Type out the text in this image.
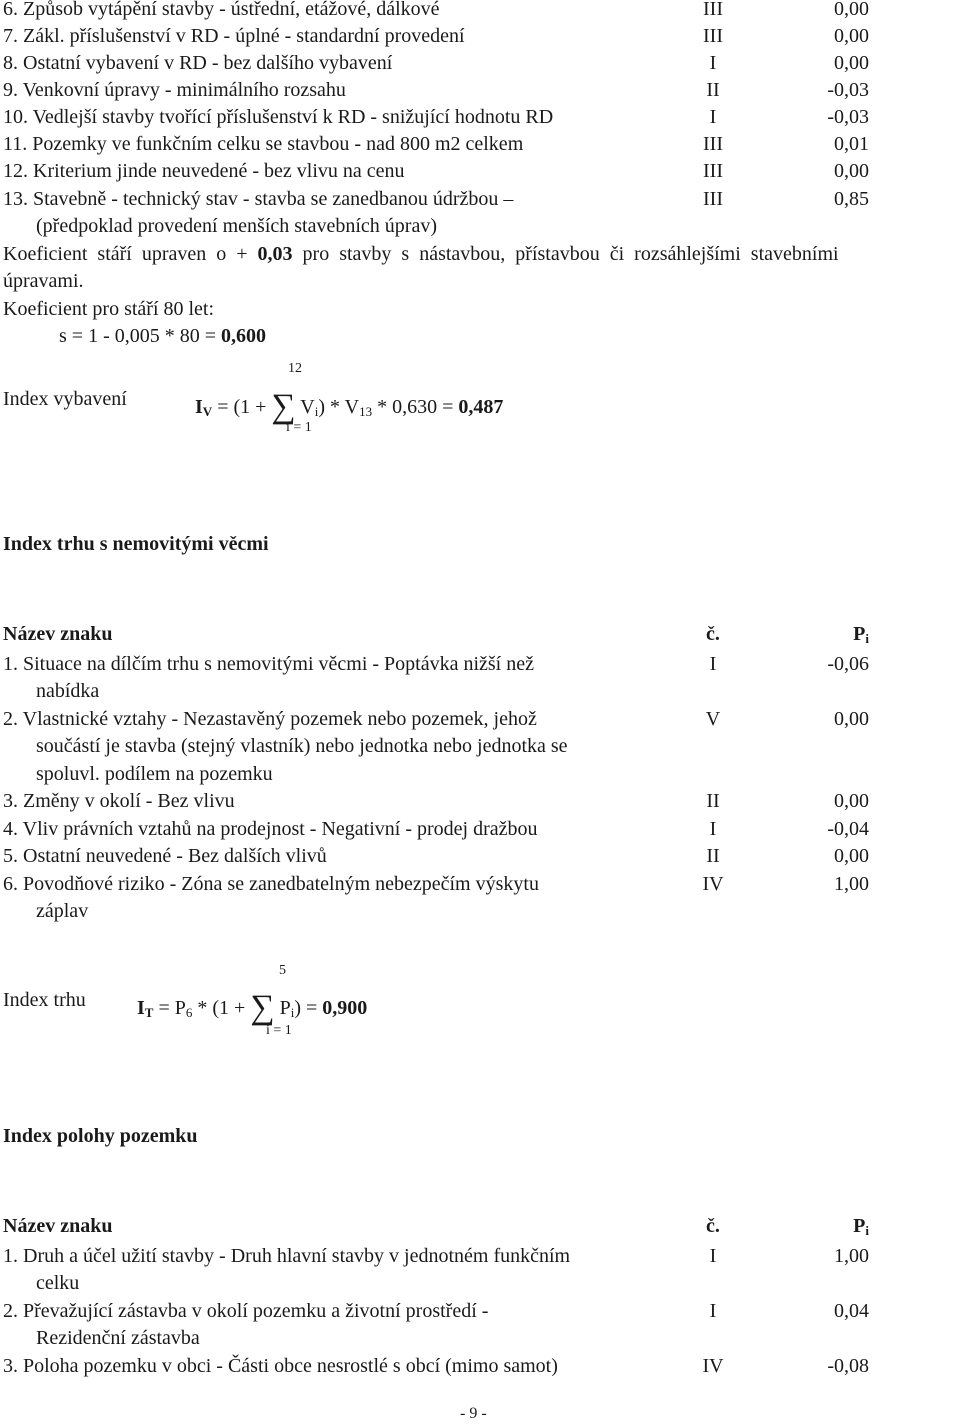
6. Způsob vytápění stavby - ústřední, etážové, dálkové	III	0,00
7. Zákl. příslušenství v RD - úplné - standardní provedení	III	0,00
8. Ostatní vybavení v RD - bez dalšího vybavení	I	0,00
9. Venkovní úpravy - minimálního rozsahu	II	-0,03
10. Vedlejší stavby tvořící příslušenství k RD - snižující hodnotu RD	I	-0,03
11. Pozemky ve funkčním celku se stavbou - nad 800 m2 celkem	III	0,01
12. Kriterium jinde neuvedené - bez vlivu na cenu	III	0,00
13. Stavebně - technický stav - stavba se zanedbanou údržbou –	III	0,85
(předpoklad provedení menších stavebních úprav)
Koeficient stáří upraven o + 0,03 pro stavby s nástavbou, přístavbou či rozsáhlejšími stavebními
úpravami.
Koeficient pro stáří 80 let:
s = 1 - 0,005 * 80 = 0,600
Index vybavení
12
i = 1
$I_V = (1$ + ∑ $V_i) * V_{13} * 0,630 = 0,487$
Index trhu s nemovitými věcmi
Název znaku	č.	$P_i$
1. Situace na dílčím trhu s nemovitými věcmi - Poptávka nižší než
nabídka
I	-0,06
2. Vlastnické vztahy - Nezastavěný pozemek nebo pozemek, jehož
součástí je stavba (stejný vlastník) nebo jednotka nebo jednotka se
spoluvl. podílem na pozemku
V	0,00
3. Změny v okolí - Bez vlivu	II	0,00
4. Vliv právních vztahů na prodejnost - Negativní - prodej dražbou	I	-0,04
5. Ostatní neuvedené - Bez dalších vlivů	II	0,00
6. Povodňové riziko - Zóna se zanedbatelným nebezpečím výskytu
záplav
IV	1,00
Index trhu
5
i = 1
$I_T = P_6 * (1$ + ∑ $P_i) = 0,900$
Index polohy pozemku
Název znaku	č.	$P_i$
1. Druh a účel užití stavby - Druh hlavní stavby v jednotném funkčním
celku
I	1,00
2. Převažující zástavba v okolí pozemku a životní prostředí -
Rezidenční zástavba
I	0,04
3. Poloha pozemku v obci - Části obce nesrostlé s obcí (mimo samot)	IV	-0,08
- 9 -
